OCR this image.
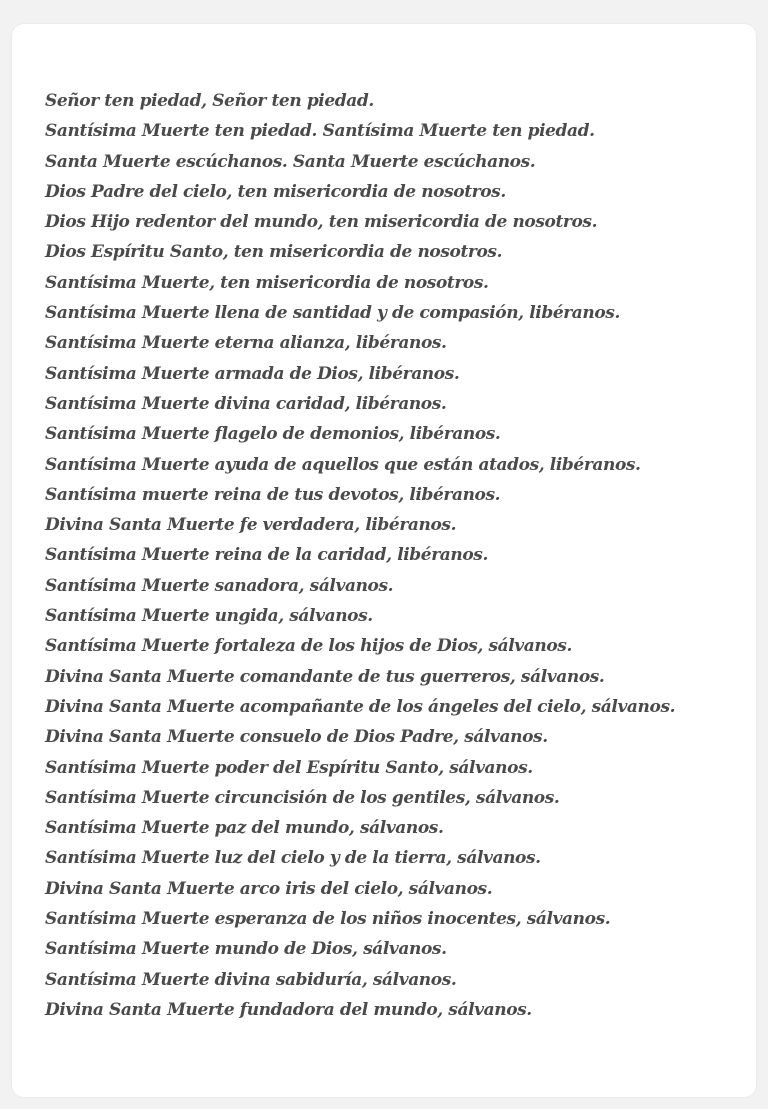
Señor ten piedad, Señor ten piedad.
Santísima Muerte ten piedad. Santísima Muerte ten piedad.
Santa Muerte escúchanos. Santa Muerte escúchanos.
Dios Padre del cielo, ten misericordia de nosotros.
Dios Hijo redentor del mundo, ten misericordia de nosotros.
Dios Espíritu Santo, ten misericordia de nosotros.
Santísima Muerte, ten misericordia de nosotros.
Santísima Muerte llena de santidad y de compasión, libéranos.
Santísima Muerte eterna alianza, libéranos.
Santísima Muerte armada de Dios, libéranos.
Santísima Muerte divina caridad, libéranos.
Santísima Muerte flagelo de demonios, libéranos.
Santísima Muerte ayuda de aquellos que están atados, libéranos.
Santísima muerte reina de tus devotos, libéranos.
Divina Santa Muerte fe verdadera, libéranos.
Santísima Muerte reina de la caridad, libéranos.
Santísima Muerte sanadora, sálvanos.
Santísima Muerte ungida, sálvanos.
Santísima Muerte fortaleza de los hijos de Dios, sálvanos.
Divina Santa Muerte comandante de tus guerreros, sálvanos.
Divina Santa Muerte acompañante de los ángeles del cielo, sálvanos.
Divina Santa Muerte consuelo de Dios Padre, sálvanos.
Santísima Muerte poder del Espíritu Santo, sálvanos.
Santísima Muerte circuncisión de los gentiles, sálvanos.
Santísima Muerte paz del mundo, sálvanos.
Santísima Muerte luz del cielo y de la tierra, sálvanos.
Divina Santa Muerte arco iris del cielo, sálvanos.
Santísima Muerte esperanza de los niños inocentes, sálvanos.
Santísima Muerte mundo de Dios, sálvanos.
Santísima Muerte divina sabiduría, sálvanos.
Divina Santa Muerte fundadora del mundo, sálvanos.
